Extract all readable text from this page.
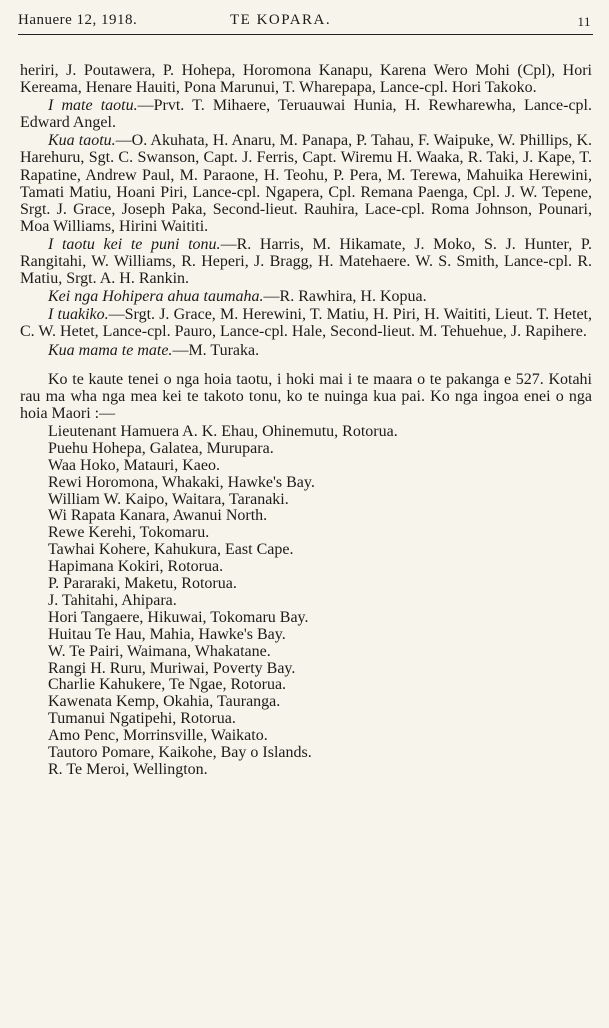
Hanuere 12, 1918.	TE KOPARA.	11

heriri, J. Poutawera, P. Hohepa, Horomona Kanapu, Karena Wero Mohi (Cpl), Hori Kereama, Henare Hauiti, Pona Marunui, T. Wharepapa, Lance-cpl. Hori Takoko.

I mate taotu.—Prvt. T. Mihaere, Teruauwai Hunia, H. Rewharewha, Lance-cpl. Edward Angel.

Kua taotu.—O. Akuhata, H. Anaru, M. Panapa, P. Tahau, F. Waipuke, W. Phillips, K. Harehuru, Sgt. C. Swanson, Capt. J. Ferris, Capt. Wiremu H. Waaka, R. Taki, J. Kape, T. Rapatine, Andrew Paul, M. Paraone, H. Teohu, P. Pera, M. Terewa, Mahuika Herewini, Tamati Matiu, Hoani Piri, Lance-cpl. Ngapera, Cpl. Remana Paenga, Cpl. J. W. Tepene, Srgt. J. Grace, Joseph Paka, Second-lieut. Rauhira, Lace-cpl. Roma Johnson, Pounari, Moa Williams, Hirini Waititi.

I taotu kei te puni tonu.—R. Harris, M. Hikamate, J. Moko, S. J. Hunter, P. Rangitahi, W. Williams, R. Heperi, J. Bragg, H. Matehaere. W. S. Smith, Lance-cpl. R. Matiu, Srgt. A. H. Rankin.

Kei nga Hohipera ahua taumaha.—R. Rawhira, H. Kopua.

I tuakiko.—Srgt. J. Grace, M. Herewini, T. Matiu, H. Piri, H. Waititi, Lieut. T. Hetet, C. W. Hetet, Lance-cpl. Pauro, Lance-cpl. Hale, Second-lieut. M. Tehuehue, J. Rapihere.

Kua mama te mate.—M. Turaka.

Ko te kaute tenei o nga hoia taotu, i hoki mai i te maara o te pakanga e 527. Kotahi rau ma wha nga mea kei te takoto tonu, ko te nuinga kua pai. Ko nga ingoa enei o nga hoia Maori :—

Lieutenant Hamuera A. K. Ehau, Ohinemutu, Rotorua.
Puehu Hohepa, Galatea, Murupara.
Waa Hoko, Matauri, Kaeo.
Rewi Horomona, Whakaki, Hawke's Bay.
William W. Kaipo, Waitara, Taranaki.
Wi Rapata Kanara, Awanui North.
Rewe Kerehi, Tokomaru.
Tawhai Kohere, Kahukura, East Cape.
Hapimana Kokiri, Rotorua.
P. Pararaki, Maketu, Rotorua.
J. Tahitahi, Ahipara.
Hori Tangaere, Hikuwai, Tokomaru Bay.
Huitau Te Hau, Mahia, Hawke's Bay.
W. Te Pairi, Waimana, Whakatane.
Rangi H. Ruru, Muriwai, Poverty Bay.
Charlie Kahukere, Te Ngae, Rotorua.
Kawenata Kemp, Okahia, Tauranga.
Tumanui Ngatipehi, Rotorua.
Amo Penc, Morrinsville, Waikato.
Tautoro Pomare, Kaikohe, Bay o Islands.
R. Te Meroi, Wellington.
